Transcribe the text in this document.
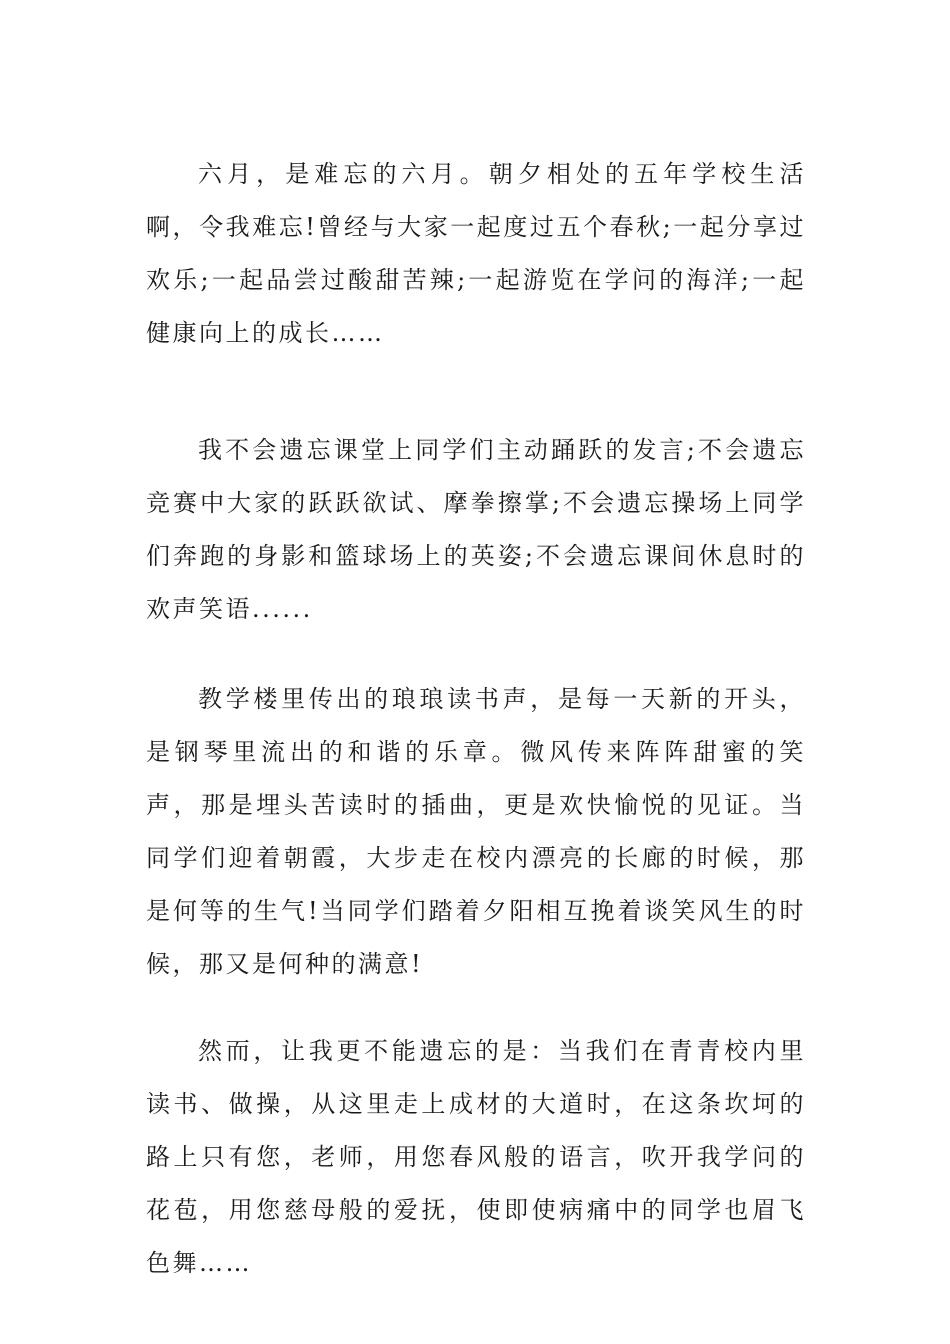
六月，是难忘的六月。朝夕相处的五年学校生活啊，令我难忘!曾经与大家一起度过五个春秋;一起分享过欢乐;一起品尝过酸甜苦辣;一起游览在学问的海洋;一起健康向上的成长……

我不会遗忘课堂上同学们主动踊跃的发言;不会遗忘竞赛中大家的跃跃欲试、摩拳擦掌;不会遗忘操场上同学们奔跑的身影和篮球场上的英姿;不会遗忘课间休息时的欢声笑语......

教学楼里传出的琅琅读书声，是每一天新的开头，是钢琴里流出的和谐的乐章。微风传来阵阵甜蜜的笑声，那是埋头苦读时的插曲，更是欢快愉悦的见证。当同学们迎着朝霞，大步走在校内漂亮的长廊的时候，那是何等的生气!当同学们踏着夕阳相互挽着谈笑风生的时候，那又是何种的满意!

然而，让我更不能遗忘的是：当我们在青青校内里读书、做操，从这里走上成材的大道时，在这条坎坷的路上只有您，老师，用您春风般的语言，吹开我学问的花苞，用您慈母般的爱抚，使即使病痛中的同学也眉飞色舞……
